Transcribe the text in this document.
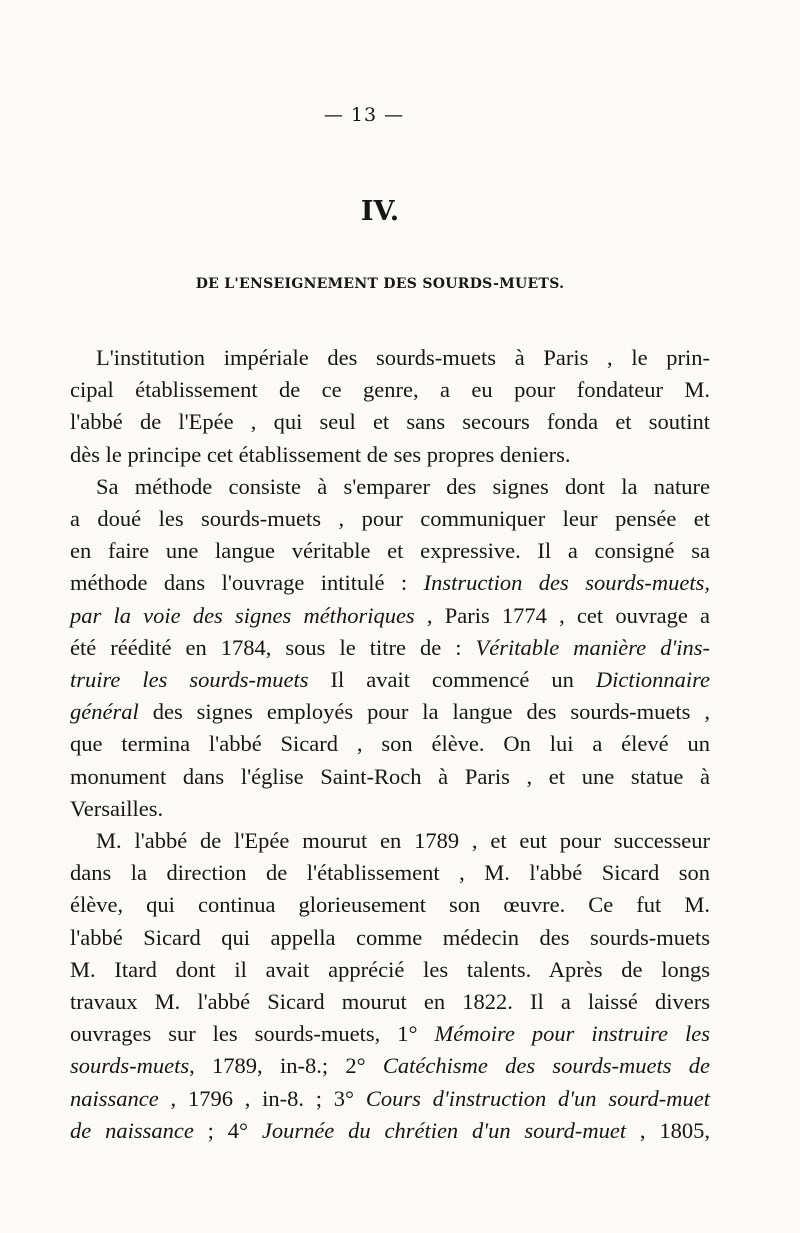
— 13 —
IV.
DE L'ENSEIGNEMENT DES SOURDS-MUETS.
L'institution impériale des sourds-muets à Paris , le prin-
cipal établissement de ce genre, a eu pour fondateur M.
l'abbé de l'Epée , qui seul et sans secours fonda et soutint
dès le principe cet établissement de ses propres deniers.
Sa méthode consiste à s'emparer des signes dont la nature
a doué les sourds-muets , pour communiquer leur pensée et
en faire une langue véritable et expressive. Il a consigné sa
méthode dans l'ouvrage intitulé : Instruction des sourds-muets,
par la voie des signes méthoriques , Paris 1774 , cet ouvrage a
été réédité en 1784, sous le titre de : Véritable manière d'ins-
truire les sourds-muets Il avait commencé un Dictionnaire
général des signes employés pour la langue des sourds-muets ,
que termina l'abbé Sicard , son élève. On lui a élevé un
monument dans l'église Saint-Roch à Paris , et une statue à
Versailles.
M. l'abbé de l'Epée mourut en 1789 , et eut pour successeur
dans la direction de l'établissement , M. l'abbé Sicard son
élève, qui continua glorieusement son œuvre. Ce fut M.
l'abbé Sicard qui appella comme médecin des sourds-muets
M. Itard dont il avait apprécié les talents. Après de longs
travaux M. l'abbé Sicard mourut en 1822. Il a laissé divers
ouvrages sur les sourds-muets, 1° Mémoire pour instruire les
sourds-muets, 1789, in-8.; 2° Catéchisme des sourds-muets de
naissance , 1796 , in-8. ; 3° Cours d'instruction d'un sourd-muet
de naissance ; 4° Journée du chrétien d'un sourd-muet , 1805,
